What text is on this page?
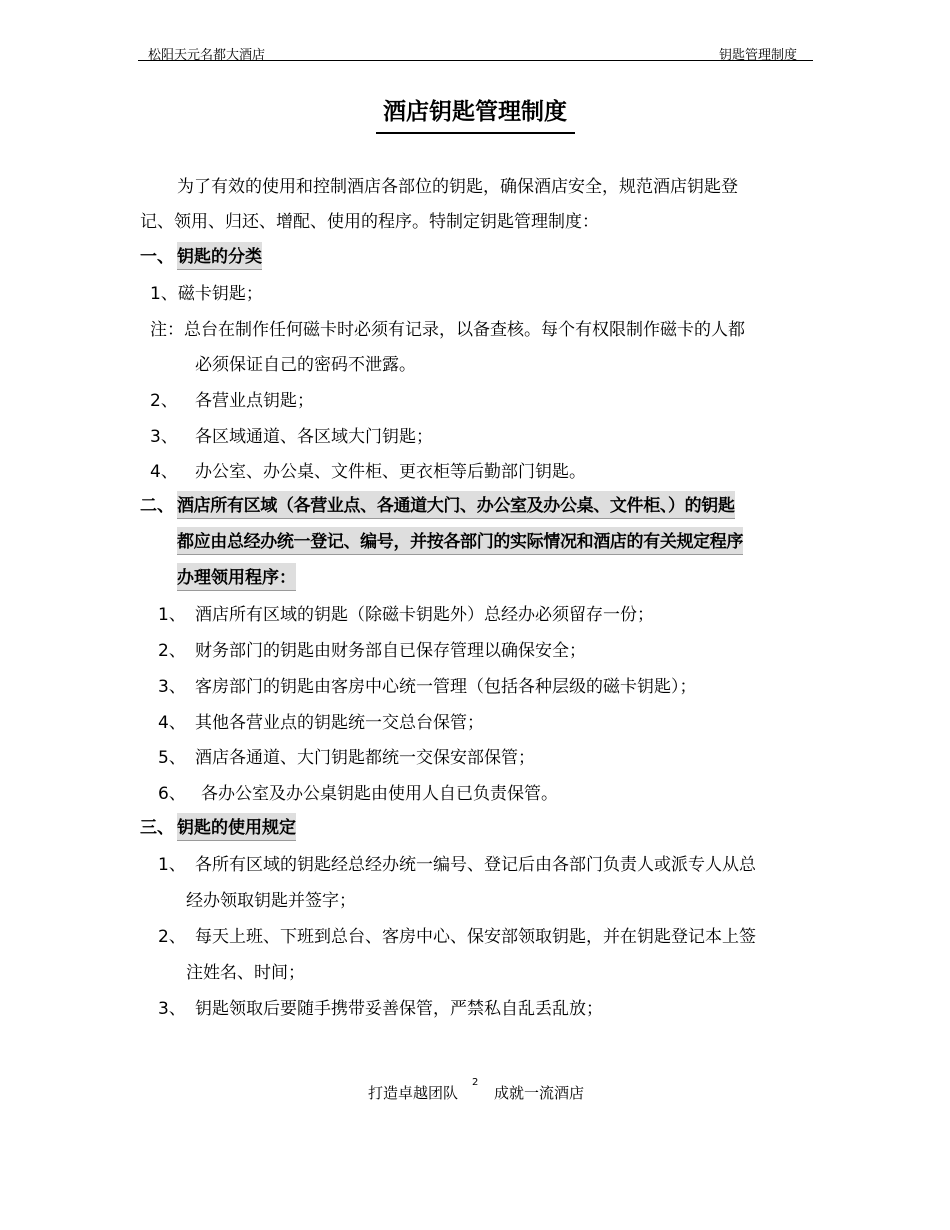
松阳天元名都大酒店	钥匙管理制度
酒店钥匙管理制度
为了有效的使用和控制酒店各部位的钥匙，确保酒店安全，规范酒店钥匙登
记、领用、归还、增配、使用的程序。特制定钥匙管理制度：
一、 钥匙的分类
1、磁卡钥匙；
注：总台在制作任何磁卡时必须有记录，以备查核。每个有权限制作磁卡的人都
必须保证自己的密码不泄露。
2、 各营业点钥匙；
3、 各区域通道、各区域大门钥匙；
4、 办公室、办公桌、文件柜、更衣柜等后勤部门钥匙。
二、 酒店所有区域（各营业点、各通道大门、办公室及办公桌、文件柜、）的钥匙
都应由总经办统一登记、编号，并按各部门的实际情况和酒店的有关规定程序
办理领用程序：
1、 酒店所有区域的钥匙（除磁卡钥匙外）总经办必须留存一份；
2、 财务部门的钥匙由财务部自已保存管理以确保安全；
3、 客房部门的钥匙由客房中心统一管理（包括各种层级的磁卡钥匙）；
4、 其他各营业点的钥匙统一交总台保管；
5、 酒店各通道、大门钥匙都统一交保安部保管；
6、 各办公室及办公桌钥匙由使用人自已负责保管。
三、 钥匙的使用规定
1、 各所有区域的钥匙经总经办统一编号、登记后由各部门负责人或派专人从总
经办领取钥匙并签字；
2、 每天上班、下班到总台、客房中心、保安部领取钥匙，并在钥匙登记本上签
注姓名、时间；
3、 钥匙领取后要随手携带妥善保管，严禁私自乱丢乱放；
打造卓越团队
2
成就一流酒店
